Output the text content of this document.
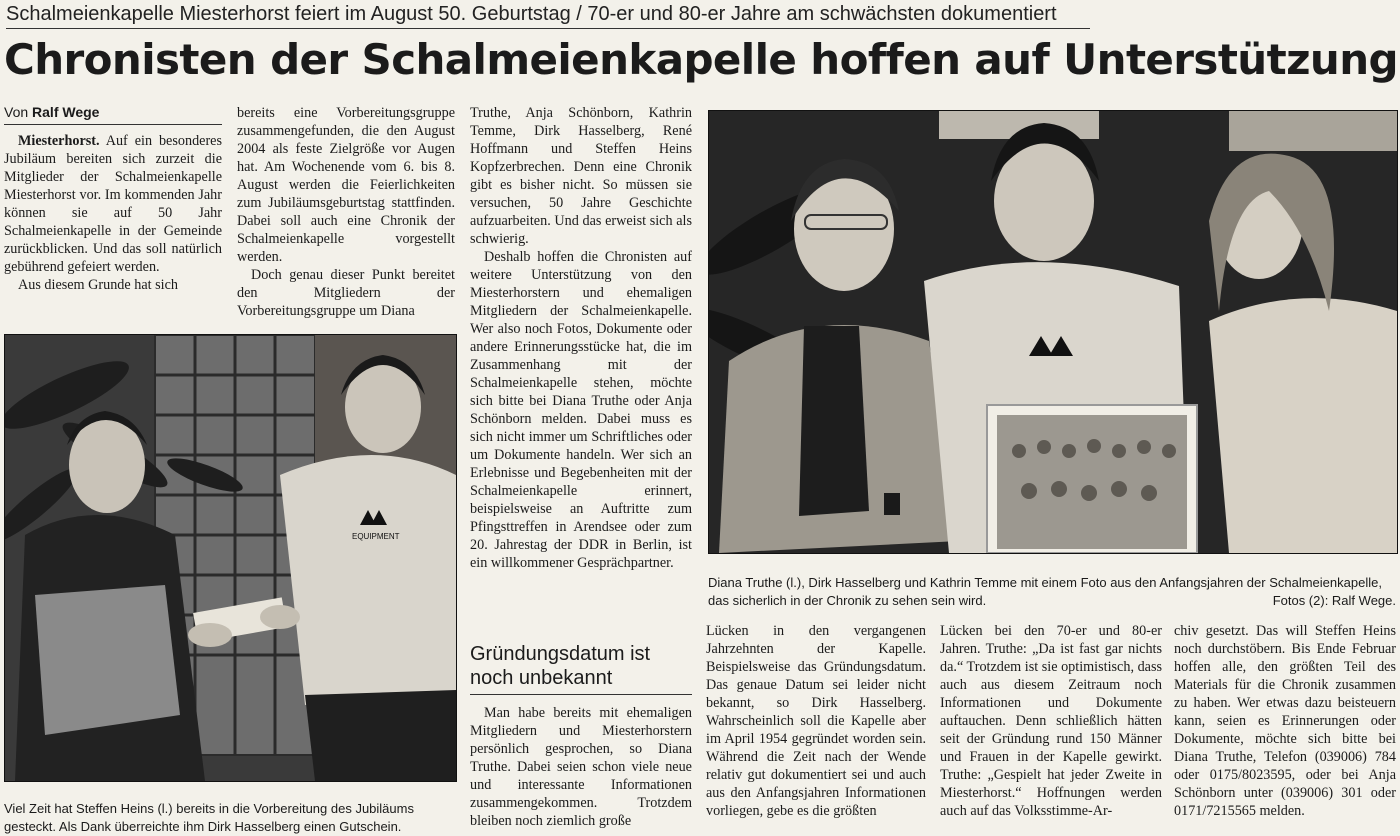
Schalmeienkapelle Miesterhorst feiert im August 50. Geburtstag / 70-er und 80-er Jahre am schwächsten dokumentiert
Chronisten der Schalmeienkapelle hoffen auf Unterstützung
Von Ralf Wege

Miesterhorst. Auf ein besonderes Jubiläum bereiten sich zurzeit die Mitglieder der Schalmeienkapelle Miesterhorst vor. Im kommenden Jahr können sie auf 50 Jahr Schalmeienkapelle in der Gemeinde zurückblicken. Und das soll natürlich gebührend gefeiert werden.

Aus diesem Grunde hat sich

bereits eine Vorbereitungsgruppe zusammengefunden, die den August 2004 als feste Zielgröße vor Augen hat. Am Wochenende vom 6. bis 8. August werden die Feierlichkeiten zum Jubiläumsgeburtstag stattfinden. Dabei soll auch eine Chronik der Schalmeienkapelle vorgestellt werden.

Doch genau dieser Punkt bereitet den Mitgliedern der Vorbereitungsgruppe um Diana

EQUIPMENT
Viel Zeit hat Steffen Heins (l.) bereits in die Vorbereitung des Jubiläums gesteckt. Als Dank überreichte ihm Dirk Hasselberg einen Gutschein.

Truthe, Anja Schönborn, Kathrin Temme, Dirk Hasselberg, René Hoffmann und Steffen Heins Kopfzerbrechen. Denn eine Chronik gibt es bisher nicht. So müssen sie versuchen, 50 Jahre Geschichte aufzuarbeiten. Und das erweist sich als schwierig.

Deshalb hoffen die Chronisten auf weitere Unterstützung von den Miesterhorstern und ehemaligen Mitgliedern der Schalmeienkapelle. Wer also noch Fotos, Dokumente oder andere Erinnerungsstücke hat, die im Zusammenhang mit der Schalmeienkapelle stehen, möchte sich bitte bei Diana Truthe oder Anja Schönborn melden. Dabei muss es sich nicht immer um Schriftliches oder um Dokumente handeln. Wer sich an Erlebnisse und Begebenheiten mit der Schalmeienkapelle erinnert, beispielsweise an Auftritte zum Pfingsttreffen in Arendsee oder zum 20. Jahrestag der DDR in Berlin, ist ein willkommener Gesprächpartner.

Gründungsdatum ist noch unbekannt

Man habe bereits mit ehemaligen Mitgliedern und Miesterhorstern persönlich gesprochen, so Diana Truthe. Dabei seien schon viele neue und interessante Informationen zusammengekommen. Trotzdem bleiben noch ziemlich große

Diana Truthe (l.), Dirk Hasselberg und Kathrin Temme mit einem Foto aus den Anfangsjahren der Schalmeienkapelle, das sicherlich in der Chronik zu sehen sein wird.	Fotos (2): Ralf Wege.

Lücken in den vergangenen Jahrzehnten der Kapelle. Beispielsweise das Gründungsdatum. Das genaue Datum sei leider nicht bekannt, so Dirk Hasselberg. Wahrscheinlich soll die Kapelle aber im April 1954 gegründet worden sein. Während die Zeit nach der Wende relativ gut dokumentiert sei und auch aus den Anfangsjahren Informationen vorliegen, gebe es die größten

Lücken bei den 70-er und 80-er Jahren. Truthe: „Da ist fast gar nichts da.“ Trotzdem ist sie optimistisch, dass auch aus diesem Zeitraum noch Informationen und Dokumente auftauchen. Denn schließlich hätten seit der Gründung rund 150 Männer und Frauen in der Kapelle gewirkt. Truthe: „Gespielt hat jeder Zweite in Miesterhorst.“ Hoffnungen werden auch auf das Volksstimme-Ar-

chiv gesetzt. Das will Steffen Heins noch durchstöbern. Bis Ende Februar hoffen alle, den größten Teil des Materials für die Chronik zusammen zu haben. Wer etwas dazu beisteuern kann, seien es Erinnerungen oder Dokumente, möchte sich bitte bei Diana Truthe, Telefon (039006) 784 oder 0175/8023595, oder bei Anja Schönborn unter (039006) 301 oder 0171/7215565 melden.
